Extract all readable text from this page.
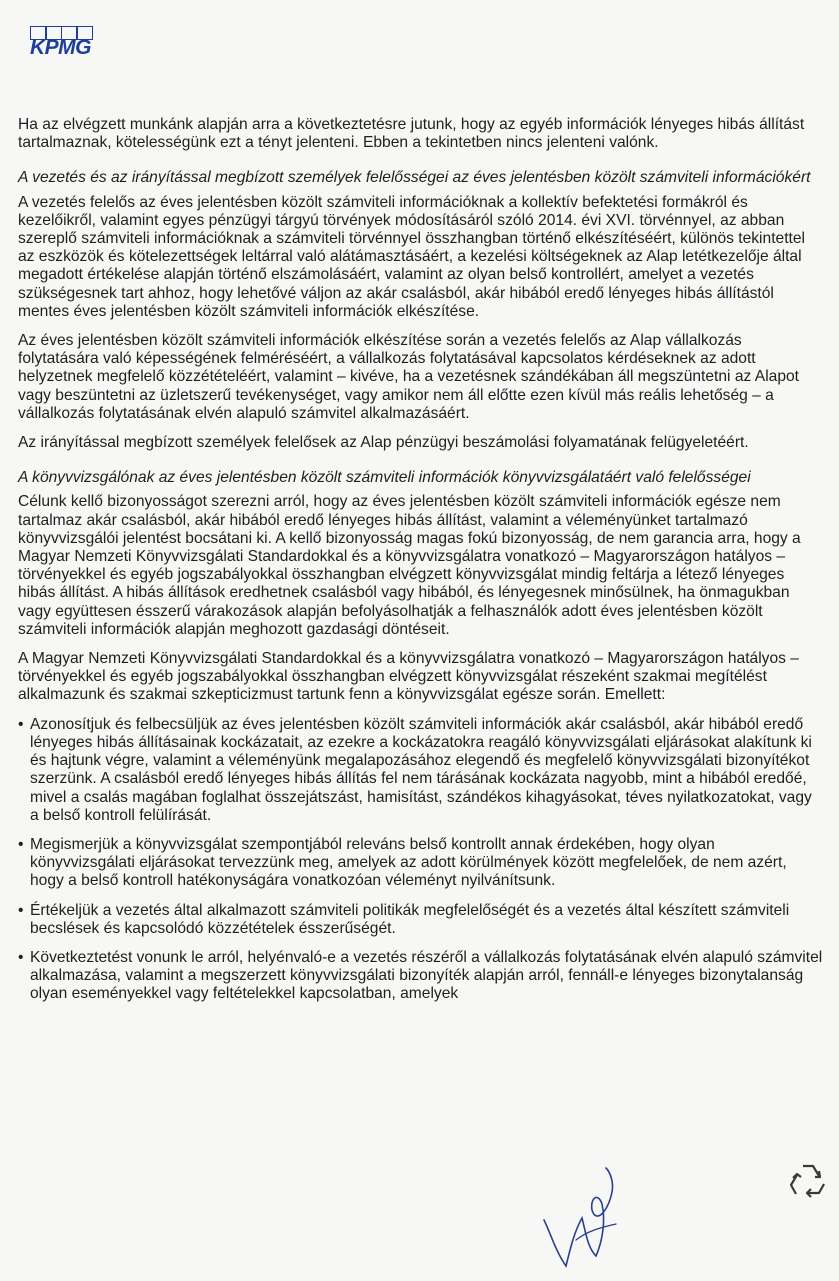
KPMG

Ha az elvégzett munkánk alapján arra a következtetésre jutunk, hogy az egyéb információk lényeges hibás állítást tartalmaznak, kötelességünk ezt a tényt jelenteni. Ebben a tekintetben nincs jelenteni valónk.

A vezetés és az irányítással megbízott személyek felelősségei az éves jelentésben közölt számviteli információkért

A vezetés felelős az éves jelentésben közölt számviteli információknak a kollektív befektetési formákról és kezelőikről, valamint egyes pénzügyi tárgyú törvények módosításáról szóló 2014. évi XVI. törvénnyel, az abban szereplő számviteli információknak a számviteli törvénnyel összhangban történő elkészítéséért, különös tekintettel az eszközök és kötelezettségek leltárral való alátámasztásáért, a kezelési költségeknek az Alap letétkezelője által megadott értékelése alapján történő elszámolásáért, valamint az olyan belső kontrollért, amelyet a vezetés szükségesnek tart ahhoz, hogy lehetővé váljon az akár csalásból, akár hibából eredő lényeges hibás állítástól mentes éves jelentésben közölt számviteli információk elkészítése.

Az éves jelentésben közölt számviteli információk elkészítése során a vezetés felelős az Alap vállalkozás folytatására való képességének felméréséért, a vállalkozás folytatásával kapcsolatos kérdéseknek az adott helyzetnek megfelelő közzétételéért, valamint – kivéve, ha a vezetésnek szándékában áll megszüntetni az Alapot vagy beszüntetni az üzletszerű tevékenységet, vagy amikor nem áll előtte ezen kívül más reális lehetőség – a vállalkozás folytatásának elvén alapuló számvitel alkalmazásáért.

Az irányítással megbízott személyek felelősek az Alap pénzügyi beszámolási folyamatának felügyeletéért.

A könyvvizsgálónak az éves jelentésben közölt számviteli információk könyvvizsgálatáért való felelősségei

Célunk kellő bizonyosságot szerezni arról, hogy az éves jelentésben közölt számviteli információk egésze nem tartalmaz akár csalásból, akár hibából eredő lényeges hibás állítást, valamint a véleményünket tartalmazó könyvvizsgálói jelentést bocsátani ki. A kellő bizonyosság magas fokú bizonyosság, de nem garancia arra, hogy a Magyar Nemzeti Könyvvizsgálati Standardokkal és a könyvvizsgálatra vonatkozó – Magyarországon hatályos – törvényekkel és egyéb jogszabályokkal összhangban elvégzett könyvvizsgálat mindig feltárja a létező lényeges hibás állítást. A hibás állítások eredhetnek csalásból vagy hibából, és lényegesnek minősülnek, ha önmagukban vagy együttesen ésszerű várakozások alapján befolyásolhatják a felhasználók adott éves jelentésben közölt számviteli információk alapján meghozott gazdasági döntéseit.

A Magyar Nemzeti Könyvvizsgálati Standardokkal és a könyvvizsgálatra vonatkozó – Magyarországon hatályos – törvényekkel és egyéb jogszabályokkal összhangban elvégzett könyvvizsgálat részeként szakmai megítélést alkalmazunk és szakmai szkepticizmust tartunk fenn a könyvvizsgálat egésze során. Emellett:

• Azonosítjuk és felbecsüljük az éves jelentésben közölt számviteli információk akár csalásból, akár hibából eredő lényeges hibás állításainak kockázatait, az ezekre a kockázatokra reagáló könyvvizsgálati eljárásokat alakítunk ki és hajtunk végre, valamint a véleményünk megalapozásához elegendő és megfelelő könyvvizsgálati bizonyítékot szerzünk. A csalásból eredő lényeges hibás állítás fel nem tárásának kockázata nagyobb, mint a hibából eredőé, mivel a csalás magában foglalhat összejátszást, hamisítást, szándékos kihagyásokat, téves nyilatkozatokat, vagy a belső kontroll felülírását.
• Megismerjük a könyvvizsgálat szempontjából releváns belső kontrollt annak érdekében, hogy olyan könyvvizsgálati eljárásokat tervezzünk meg, amelyek az adott körülmények között megfelelőek, de nem azért, hogy a belső kontroll hatékonyságára vonatkozóan véleményt nyilvánítsunk.
• Értékeljük a vezetés által alkalmazott számviteli politikák megfelelőségét és a vezetés által készített számviteli becslések és kapcsolódó közzétételek ésszerűségét.
• Következtetést vonunk le arról, helyénvaló-e a vezetés részéről a vállalkozás folytatásának elvén alapuló számvitel alkalmazása, valamint a megszerzett könyvvizsgálati bizonyíték alapján arról, fennáll-e lényeges bizonytalanság olyan eseményekkel vagy feltételekkel kapcsolatban, amelyek
